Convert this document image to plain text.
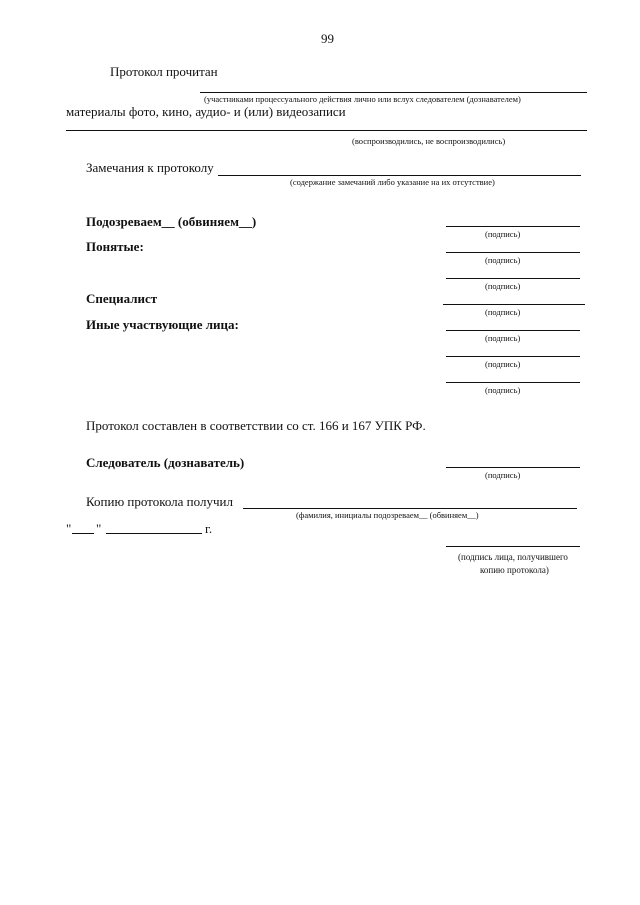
99
Протокол прочитан
(участниками процессуального действия лично или вслух следователем (дознавателем)
материалы фото, кино, аудио- и (или) видеозаписи
(воспроизводились, не воспроизводились)
Замечания к протоколу
(содержание замечаний либо указание на их отсутствие)
Подозреваем__ (обвиняем__)
(подпись)
Понятые:
(подпись)
(подпись)
Специалист
(подпись)
Иные участвующие лица:
(подпись)
(подпись)
(подпись)
Протокол составлен в соответствии со ст. 166 и 167 УПК РФ.
Следователь (дознаватель)
(подпись)
Копию протокола получил
(фамилия, инициалы подозреваем__ (обвиняем__)
" "	г.
(подпись лица, получившего
копию протокола)
